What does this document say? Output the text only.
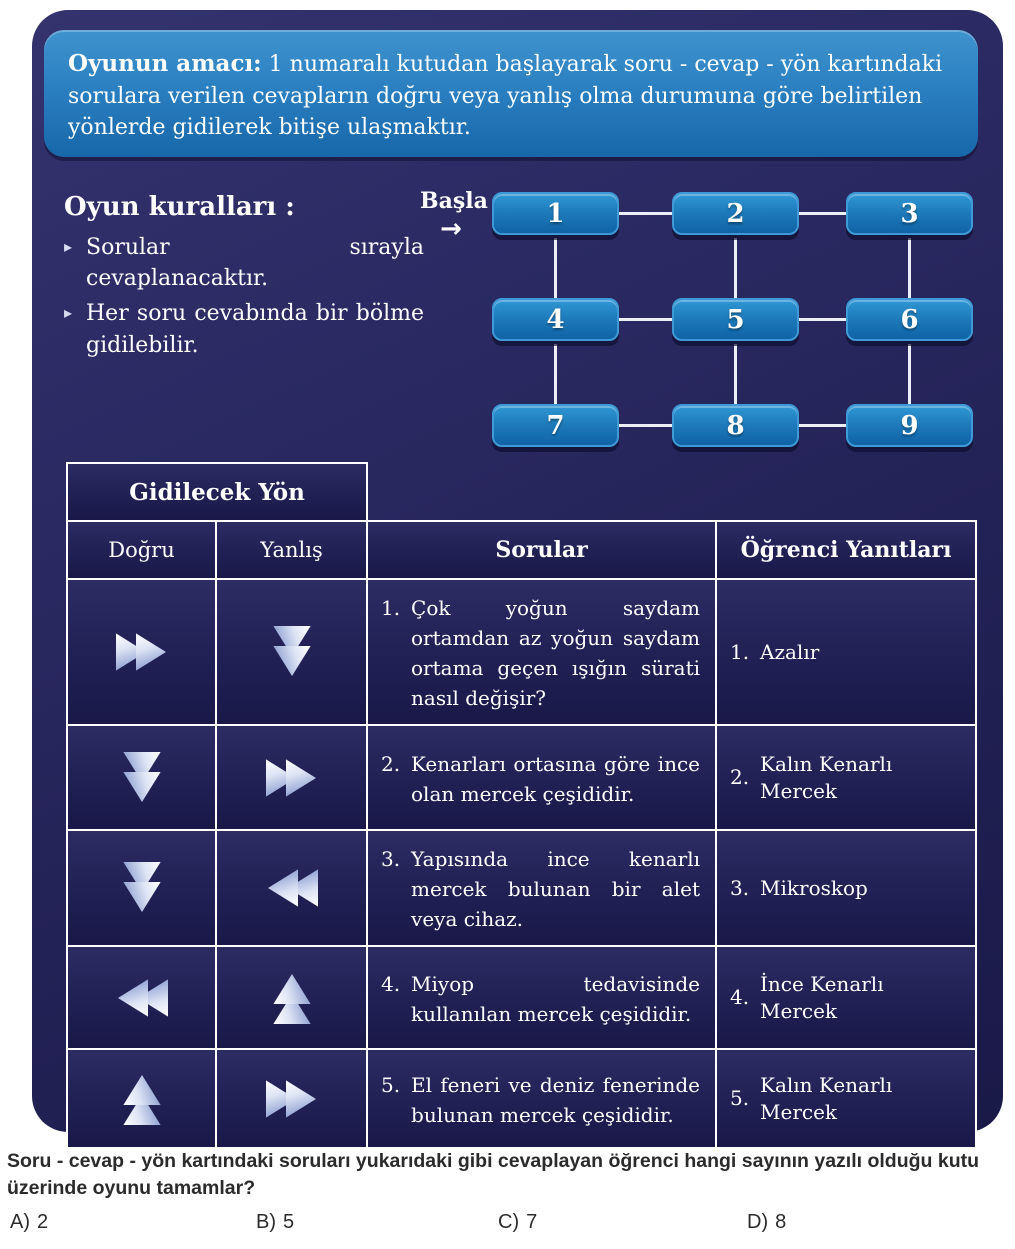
Oyunun amacı: 1 numaralı kutudan başlayarak soru - cevap - yön kartındaki sorulara verilen cevapların doğru veya yanlış olma durumuna göre belirtilen yönlerde gidilerek bitişe ulaşmaktır.
Oyun kuralları :
▸ Sorular sırayla cevaplanacaktır.
▸ Her soru cevabında bir bölme gidilebilir.
Başla
→
1	2	3
4	5	6
7	8	9
Gidilecek Yön			
Doğru	Yanlış	Sorular	Öğrenci Yanıtları

1. Çok yoğun saydam ortamdan az yoğun saydam ortama geçen ışığın sürati nasıl değişir?	1. Azalır

2. Kenarları ortasına göre ince olan mercek çeşididir.	2.
Kalın Kenarlı Mercek

3. Yapısında ince kenarlı mercek bulunan bir alet veya cihaz.	3. Mikroskop

4. Miyop tedavisinde kullanılan mercek çeşididir.	4.
İnce Kenarlı Mercek

5. El feneri ve deniz fenerinde bulunan mercek çeşididir.	5.
Kalın Kenarlı Mercek
Soru - cevap - yön kartındaki soruları yukarıdaki gibi cevaplayan öğrenci hangi sayının yazılı olduğu kutu üzerinde oyunu tamamlar?
A) 2	B) 5	C) 7	D) 8
